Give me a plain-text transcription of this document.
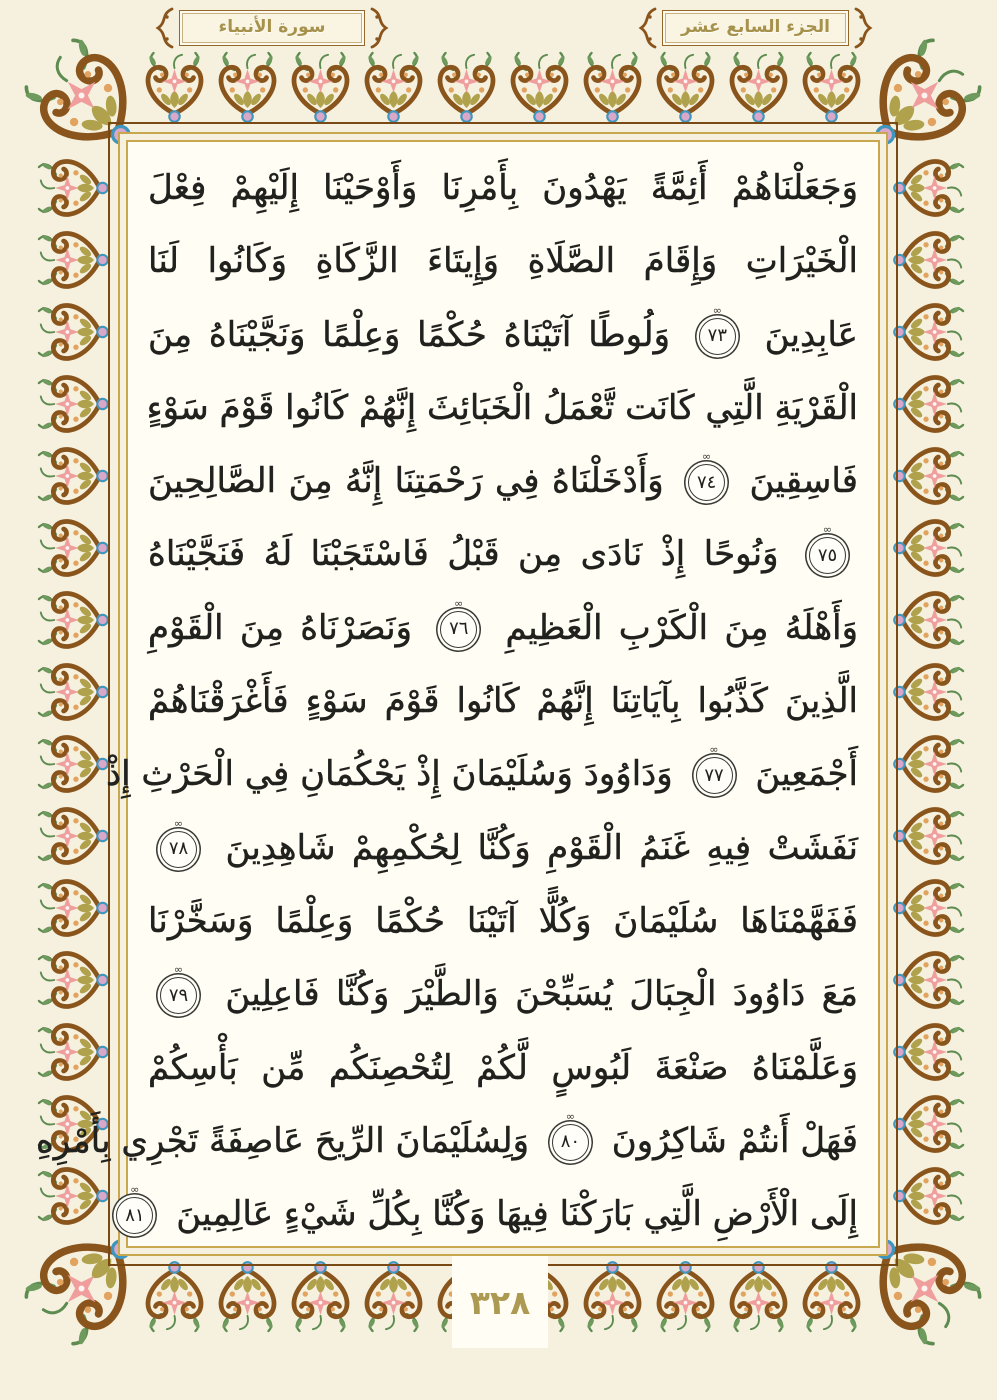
الجزء السابع عشر
سورة الأنبياء
وَجَعَلْنَاهُمْ أَئِمَّةً يَهْدُونَ بِأَمْرِنَا وَأَوْحَيْنَا إِلَيْهِمْ فِعْلَ
الْخَيْرَاتِ وَإِقَامَ الصَّلَاةِ وَإِيتَاءَ الزَّكَاةِ وَكَانُوا لَنَا
عَابِدِينَ ∞ ٧٣ وَلُوطًا آتَيْنَاهُ حُكْمًا وَعِلْمًا وَنَجَّيْنَاهُ مِنَ
الْقَرْيَةِ الَّتِي كَانَت تَّعْمَلُ الْخَبَائِثَ إِنَّهُمْ كَانُوا قَوْمَ سَوْءٍ
فَاسِقِينَ ∞ ٧٤ وَأَدْخَلْنَاهُ فِي رَحْمَتِنَا إِنَّهُ مِنَ الصَّالِحِينَ
∞ ٧٥ وَنُوحًا إِذْ نَادَى مِن قَبْلُ فَاسْتَجَبْنَا لَهُ فَنَجَّيْنَاهُ
وَأَهْلَهُ مِنَ الْكَرْبِ الْعَظِيمِ ∞ ٧٦ وَنَصَرْنَاهُ مِنَ الْقَوْمِ
الَّذِينَ كَذَّبُوا بِآيَاتِنَا إِنَّهُمْ كَانُوا قَوْمَ سَوْءٍ فَأَغْرَقْنَاهُمْ
أَجْمَعِينَ ∞ ٧٧ وَدَاوُودَ وَسُلَيْمَانَ إِذْ يَحْكُمَانِ فِي الْحَرْثِ إِذْ
نَفَشَتْ فِيهِ غَنَمُ الْقَوْمِ وَكُنَّا لِحُكْمِهِمْ شَاهِدِينَ ∞ ٧٨
فَفَهَّمْنَاهَا سُلَيْمَانَ وَكُلًّا آتَيْنَا حُكْمًا وَعِلْمًا وَسَخَّرْنَا
مَعَ دَاوُودَ الْجِبَالَ يُسَبِّحْنَ وَالطَّيْرَ وَكُنَّا فَاعِلِينَ ∞ ٧٩
وَعَلَّمْنَاهُ صَنْعَةَ لَبُوسٍ لَّكُمْ لِتُحْصِنَكُم مِّن بَأْسِكُمْ
فَهَلْ أَنتُمْ شَاكِرُونَ ∞ ٨٠ وَلِسُلَيْمَانَ الرِّيحَ عَاصِفَةً تَجْرِي بِأَمْرِهِ
إِلَى الْأَرْضِ الَّتِي بَارَكْنَا فِيهَا وَكُنَّا بِكُلِّ شَيْءٍ عَالِمِينَ ∞ ٨١
٣٢٨
